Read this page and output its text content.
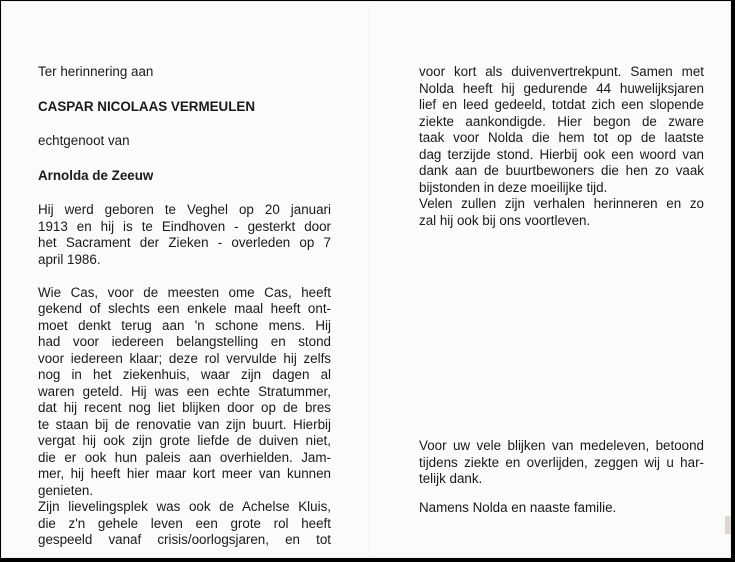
Ter herinnering aan
CASPAR NICOLAAS VERMEULEN
echtgenoot van
Arnolda de Zeeuw
Hij werd geboren te Veghel op 20 januari
1913 en hij is te Eindhoven - gesterkt door
het Sacrament der Zieken - overleden op 7
april 1986.
Wie Cas, voor de meesten ome Cas, heeft
gekend of slechts een enkele maal heeft ont-
moet denkt terug aan 'n schone mens. Hij
had voor iedereen belangstelling en stond
voor iedereen klaar; deze rol vervulde hij zelfs
nog in het ziekenhuis, waar zijn dagen al
waren geteld. Hij was een echte Stratummer,
dat hij recent nog liet blijken door op de bres
te staan bij de renovatie van zijn buurt. Hierbij
vergat hij ook zijn grote liefde de duiven niet,
die er ook hun paleis aan overhielden. Jam-
mer, hij heeft hier maar kort meer van kunnen
genieten.
Zijn lievelingsplek was ook de Achelse Kluis,
die z'n gehele leven een grote rol heeft
gespeeld vanaf crisis/oorlogsjaren, en tot
voor kort als duivenvertrekpunt. Samen met
Nolda heeft hij gedurende 44 huwelijksjaren
lief en leed gedeeld, totdat zich een slopende
ziekte aankondigde. Hier begon de zware
taak voor Nolda die hem tot op de laatste
dag terzijde stond. Hierbij ook een woord van
dank aan de buurtbewoners die hen zo vaak
bijstonden in deze moeilijke tijd.
Velen zullen zijn verhalen herinneren en zo
zal hij ook bij ons voortleven.
Voor uw vele blijken van medeleven, betoond
tijdens ziekte en overlijden, zeggen wij u har-
telijk dank.
Namens Nolda en naaste familie.
